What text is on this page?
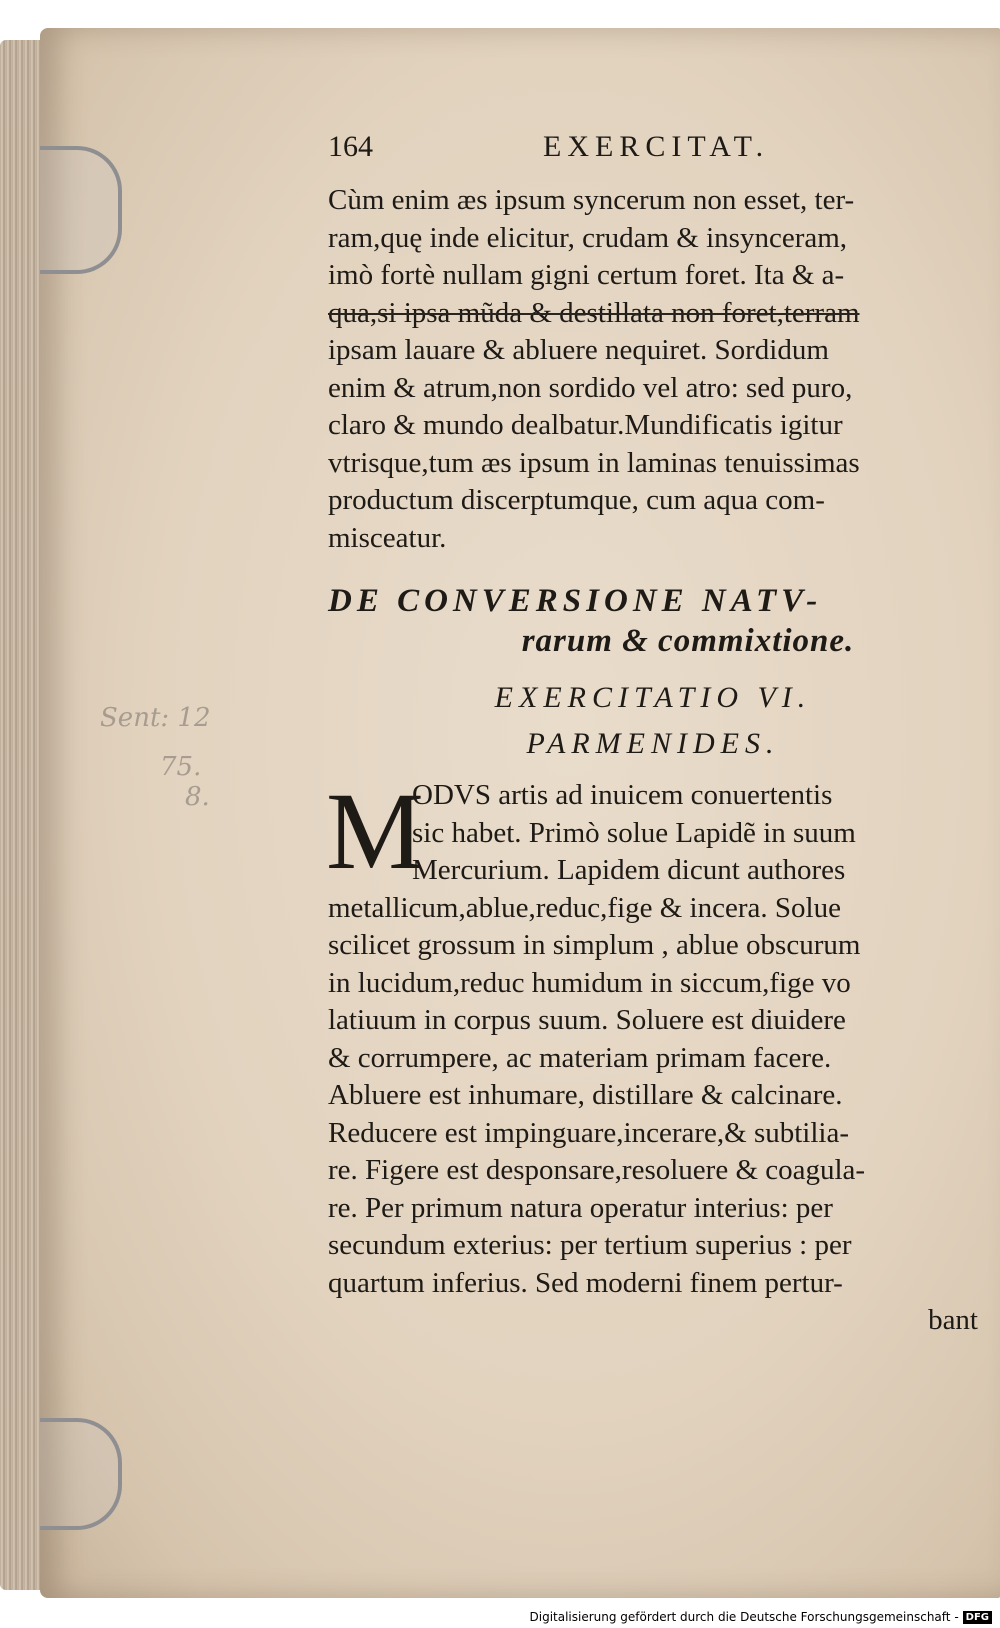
Sent: 12
75.
8.
164	EXERCITAT.
Cùm enim æs ipsum syncerum non esset, ter-
ram,quę inde elicitur, crudam & insynceram,
imò fortè nullam gigni certum foret. Ita & a-
qua,si ipsa mũda & destillata non foret,terram
ipsam lauare & abluere nequiret. Sordidum
enim & atrum,non sordido vel atro: sed puro,
claro & mundo dealbatur.Mundificatis igitur
vtrisque,tum æs ipsum in laminas tenuissimas
productum discerptumque, cum aqua com-
misceatur.
DE CONVERSIONE NATV-
rarum & commixtione.
EXERCITATIO VI.
PARMENIDES.
M
ODVS artis ad inuicem conuertentis
sic habet. Primò solue Lapidẽ in suum
Mercurium. Lapidem dicunt authores
metallicum,ablue,reduc,fige & incera. Solue
scilicet grossum in simplum , ablue obscurum
in lucidum,reduc humidum in siccum,fige vo
latiuum in corpus suum. Soluere est diuidere
& corrumpere, ac materiam primam facere.
Abluere est inhumare, distillare & calcinare.
Reducere est impinguare,incerare,& subtilia-
re. Figere est desponsare,resoluere & coagula-
re. Per primum natura operatur interius: per
secundum exterius: per tertium superius : per
quartum inferius. Sed moderni finem pertur-
bant
Digitalisierung gefördert durch die Deutsche Forschungsgemeinschaft - DFG
